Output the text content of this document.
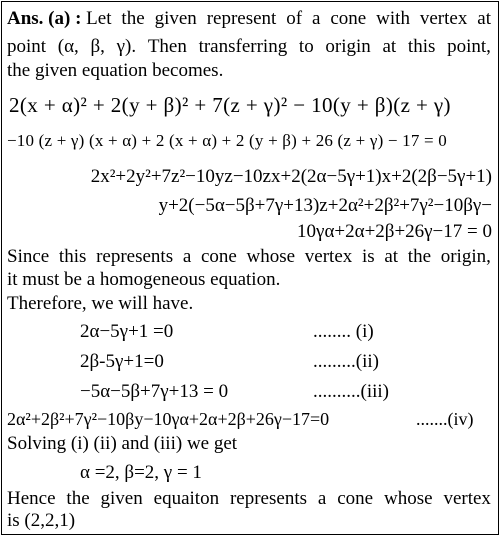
Ans. (a) : Let the given represent of a cone with vertex at
point (α, β, γ). Then transferring to origin at this point,
the given equation becomes.
2(x + α)² + 2(y + β)² + 7(z + γ)² − 10(y + β)(z + γ)
−10 (z + γ) (x + α) + 2 (x + α) + 2 (y + β) + 26 (z + γ) − 17 = 0
2x²+2y²+7z²−10yz−10zx+2(2α−5γ+1)x+2(2β−5γ+1)
y+2(−5α−5β+7γ+13)z+2α²+2β²+7γ²−10βγ−
10γα+2α+2β+26γ−17 = 0
Since this represents a cone whose vertex is at the origin,
it must be a homogeneous equation.
Therefore, we will have.
2α−5γ+1 =0	........ (i)
2β-5γ+1=0	.........(ii)
−5α−5β+7γ+13 = 0	..........(iii)
2α²+2β²+7γ²−10βy−10γα+2α+2β+26γ−17=0	.......(iv)
Solving (i) (ii) and (iii) we get
α =2, β=2, γ = 1
Hence the given equaiton represents a cone whose vertex
is (2,2,1)
